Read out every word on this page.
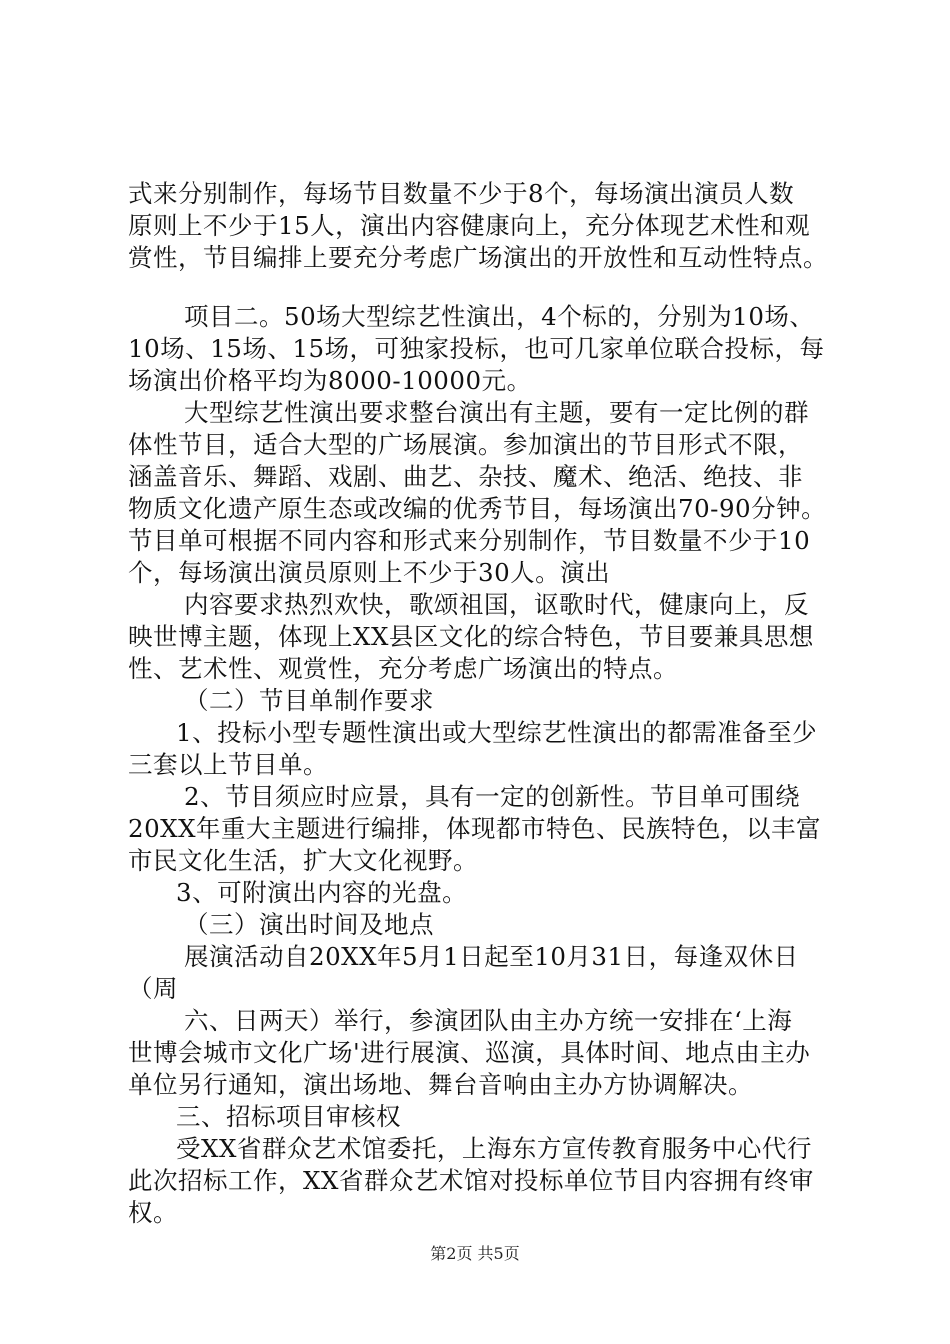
式来分别制作，每场节目数量不少于8个，每场演出演员人数
原则上不少于15人，演出内容健康向上，充分体现艺术性和观
赏性，节目编排上要充分考虑广场演出的开放性和互动性特点。
项目二。50场大型综艺性演出，4个标的，分别为10场、
10场、15场、15场，可独家投标，也可几家单位联合投标，每
场演出价格平均为8000-10000元。
大型综艺性演出要求整台演出有主题，要有一定比例的群
体性节目，适合大型的广场展演。参加演出的节目形式不限，
涵盖音乐、舞蹈、戏剧、曲艺、杂技、魔术、绝活、绝技、非
物质文化遗产原生态或改编的优秀节目，每场演出70-90分钟。
节目单可根据不同内容和形式来分别制作，节目数量不少于10
个，每场演出演员原则上不少于30人。演出
内容要求热烈欢快，歌颂祖国，讴歌时代，健康向上，反
映世博主题，体现上XX县区文化的综合特色，节目要兼具思想
性、艺术性、观赏性，充分考虑广场演出的特点。
（二）节目单制作要求
1、投标小型专题性演出或大型综艺性演出的都需准备至少
三套以上节目单。
2、节目须应时应景，具有一定的创新性。节目单可围绕
20XX年重大主题进行编排，体现都市特色、民族特色，以丰富
市民文化生活，扩大文化视野。
3、可附演出内容的光盘。
（三）演出时间及地点
展演活动自20XX年5月1日起至10月31日，每逢双休日
（周
六、日两天）举行，参演团队由主办方统一安排在‘上海
世博会城市文化广场'进行展演、巡演，具体时间、地点由主办
单位另行通知，演出场地、舞台音响由主办方协调解决。
三、招标项目审核权
受XX省群众艺术馆委托，上海东方宣传教育服务中心代行
此次招标工作，XX省群众艺术馆对投标单位节目内容拥有终审
权。
第2页 共5页
